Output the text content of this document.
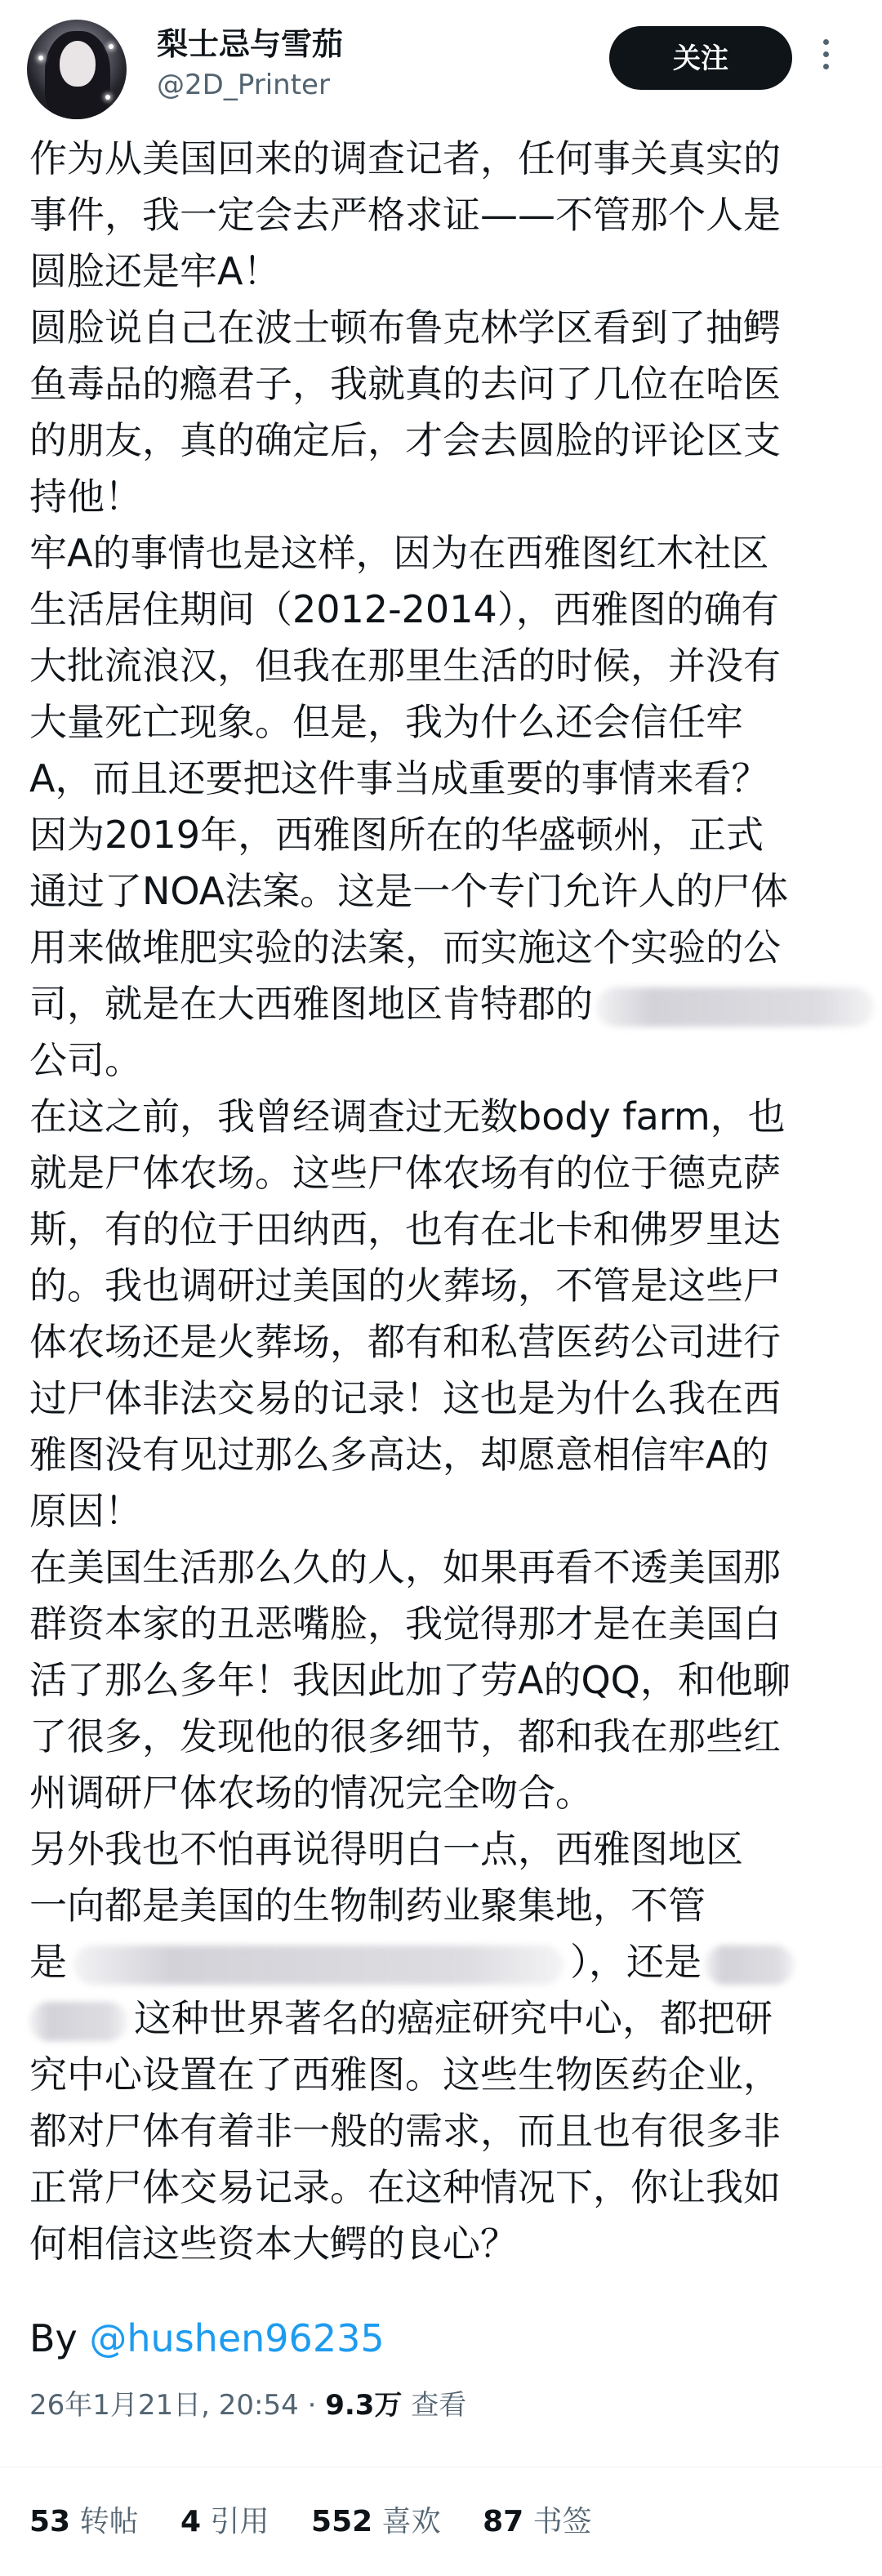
梨士忌与雪茄
@2D_Printer
关注

作为从美国回来的调查记者，任何事关真实的

事件，我一定会去严格求证——不管那个人是

圆脸还是牢A！

圆脸说自己在波士顿布鲁克林学区看到了抽鳄

鱼毒品的瘾君子，我就真的去问了几位在哈医

的朋友，真的确定后，才会去圆脸的评论区支

持他！

牢A的事情也是这样，因为在西雅图红木社区

生活居住期间（2012-2014），西雅图的确有

大批流浪汉，但我在那里生活的时候，并没有

大量死亡现象。但是，我为什么还会信任牢

A，而且还要把这件事当成重要的事情来看？

因为2019年，西雅图所在的华盛顿州，正式

通过了NOA法案。这是一个专门允许人的尸体

用来做堆肥实验的法案，而实施这个实验的公

司，就是在大西雅图地区肯特郡的

公司。

在这之前，我曾经调查过无数body farm，也

就是尸体农场。这些尸体农场有的位于德克萨

斯，有的位于田纳西，也有在北卡和佛罗里达

的。我也调研过美国的火葬场，不管是这些尸

体农场还是火葬场，都有和私营医药公司进行

过尸体非法交易的记录！这也是为什么我在西

雅图没有见过那么多高达，却愿意相信牢A的

原因！

在美国生活那么久的人，如果再看不透美国那

群资本家的丑恶嘴脸，我觉得那才是在美国白

活了那么多年！我因此加了劳A的QQ，和他聊

了很多，发现他的很多细节，都和我在那些红

州调研尸体农场的情况完全吻合。

另外我也不怕再说得明白一点，西雅图地区

一向都是美国的生物制药业聚集地，不管

是	），还是

这种世界著名的癌症研究中心，都把研

究中心设置在了西雅图。这些生物医药企业，

都对尸体有着非一般的需求，而且也有很多非

正常尸体交易记录。在这种情况下，你让我如

何相信这些资本大鳄的良心？

By @hushen96235
26年1月21日, 20:54 · 9.3万 查看
53 转帖 4 引用 552 喜欢 87 书签
